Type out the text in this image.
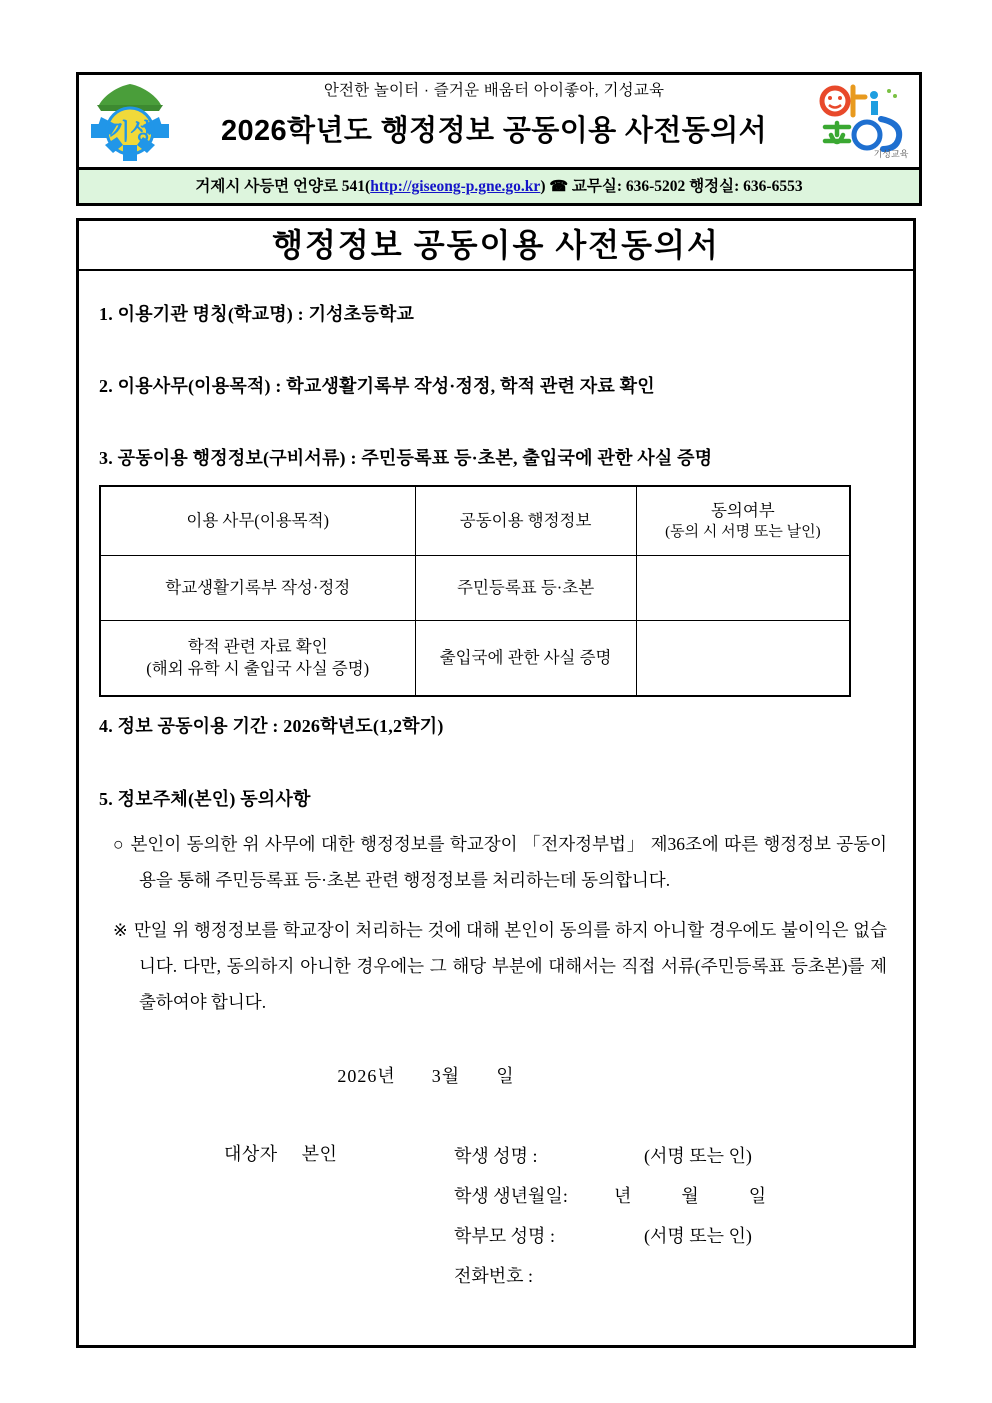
기성
안전한 놀이터 · 즐거운 배움터 아이좋아, 기성교육
2026학년도 행정정보 공동이용 사전동의서
기성교육
거제시 사등면 언양로 541(http://giseong-p.gne.go.kr) ☎ 교무실: 636-5202 행정실: 636-6553
행정정보 공동이용 사전동의서
1. 이용기관 명칭(학교명) : 기성초등학교
2. 이용사무(이용목적) : 학교생활기록부 작성·정정, 학적 관련 자료 확인
3. 공동이용 행정정보(구비서류) : 주민등록표 등·초본, 출입국에 관한 사실 증명
이용 사무(이용목적)	공동이용 행정정보	동의여부
(동의 시 서명 또는 날인)

학교생활기록부 작성·정정	주민등록표 등·초본	

학적 관련 자료 확인
(해외 유학 시 출입국 사실 증명)	출입국에 관한 사실 증명	
4. 정보 공동이용 기간 : 2026학년도(1,2학기)
5. 정보주체(본인) 동의사항
○ 본인이 동의한 위 사무에 대한 행정정보를 학교장이 「전자정부법」 제36조에 따른 행정정보 공동이용을 통해 주민등록표 등·초본 관련 행정정보를 처리하는데 동의합니다.
※ 만일 위 행정정보를 학교장이 처리하는 것에 대해 본인이 동의를 하지 아니할 경우에도 불이익은 없습니다. 다만, 동의하지 아니한 경우에는 그 해당 부분에 대해서는 직접 서류(주민등록표 등초본)를 제출하여야 합니다.
2026년 3월 일
대상자 본인	학생 성명 :	(서명 또는 인)
학생 생년월일:	년	월	일
학부모 성명 :	(서명 또는 인)
전화번호 :
